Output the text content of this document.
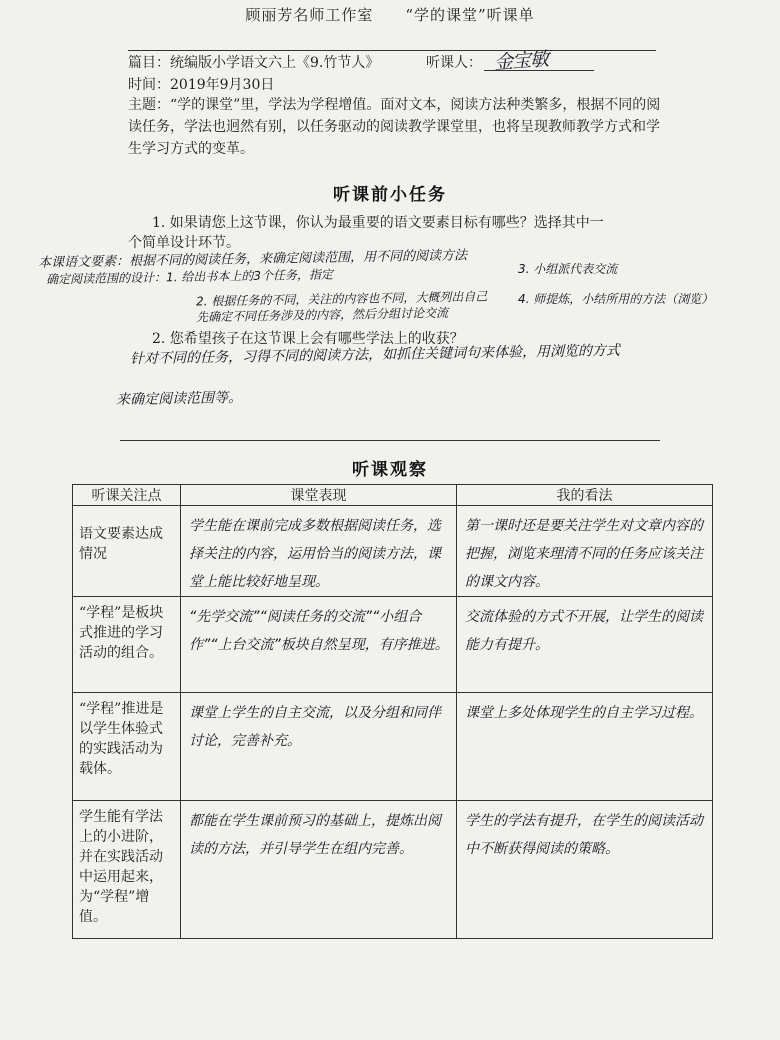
顾丽芳名师工作室　　“学的课堂”听课单
篇目：统编版小学语文六上《9.竹节人》	听课人： 金宝敏
时间：2019年9月30日
主题：“学的课堂”里，学法为学程增值。面对文本，阅读方法种类繁多，根据不同的阅读任务，学法也迥然有别，以任务驱动的阅读教学课堂里，也将呈现教师教学方式和学生学习方式的变革。
听课前小任务
1. 如果请您上这节课，你认为最重要的语文要素目标有哪些？选择其中一
个简单设计环节。
本课语文要素：根据不同的阅读任务，来确定阅读范围，用不同的阅读方法
确定阅读范围的设计：1. 给出书本上的3个任务，指定
2. 根据任务的不同，关注的内容也不同，大概列出自己
先确定不同任务涉及的内容，然后分组讨论交流
3. 小组派代表交流
4. 师提炼，小结所用的方法（浏览）
2. 您希望孩子在这节课上会有哪些学法上的收获？
针对不同的任务，习得不同的阅读方法，如抓住关键词句来体验，用浏览的方式
来确定阅读范围等。
听课观察
听课关注点	课堂表现	我的看法
语文要素达成情况	学生能在课前完成多数根据阅读任务，选择关注的内容，运用恰当的阅读方法，课堂上能比较好地呈现。	第一课时还是要关注学生对文章内容的把握，浏览来理清不同的任务应该关注的课文内容。
“学程”是板块式推进的学习活动的组合。	“先学交流”“阅读任务的交流”“小组合作”“上台交流”板块自然呈现，有序推进。	交流体验的方式不开展，让学生的阅读能力有提升。
“学程”推进是以学生体验式的实践活动为载体。	课堂上学生的自主交流，以及分组和同伴讨论，完善补充。	课堂上多处体现学生的自主学习过程。
学生能有学法上的小进阶，并在实践活动中运用起来，为“学程”增值。	都能在学生课前预习的基础上，提炼出阅读的方法，并引导学生在组内完善。	学生的学法有提升，在学生的阅读活动中不断获得阅读的策略。
